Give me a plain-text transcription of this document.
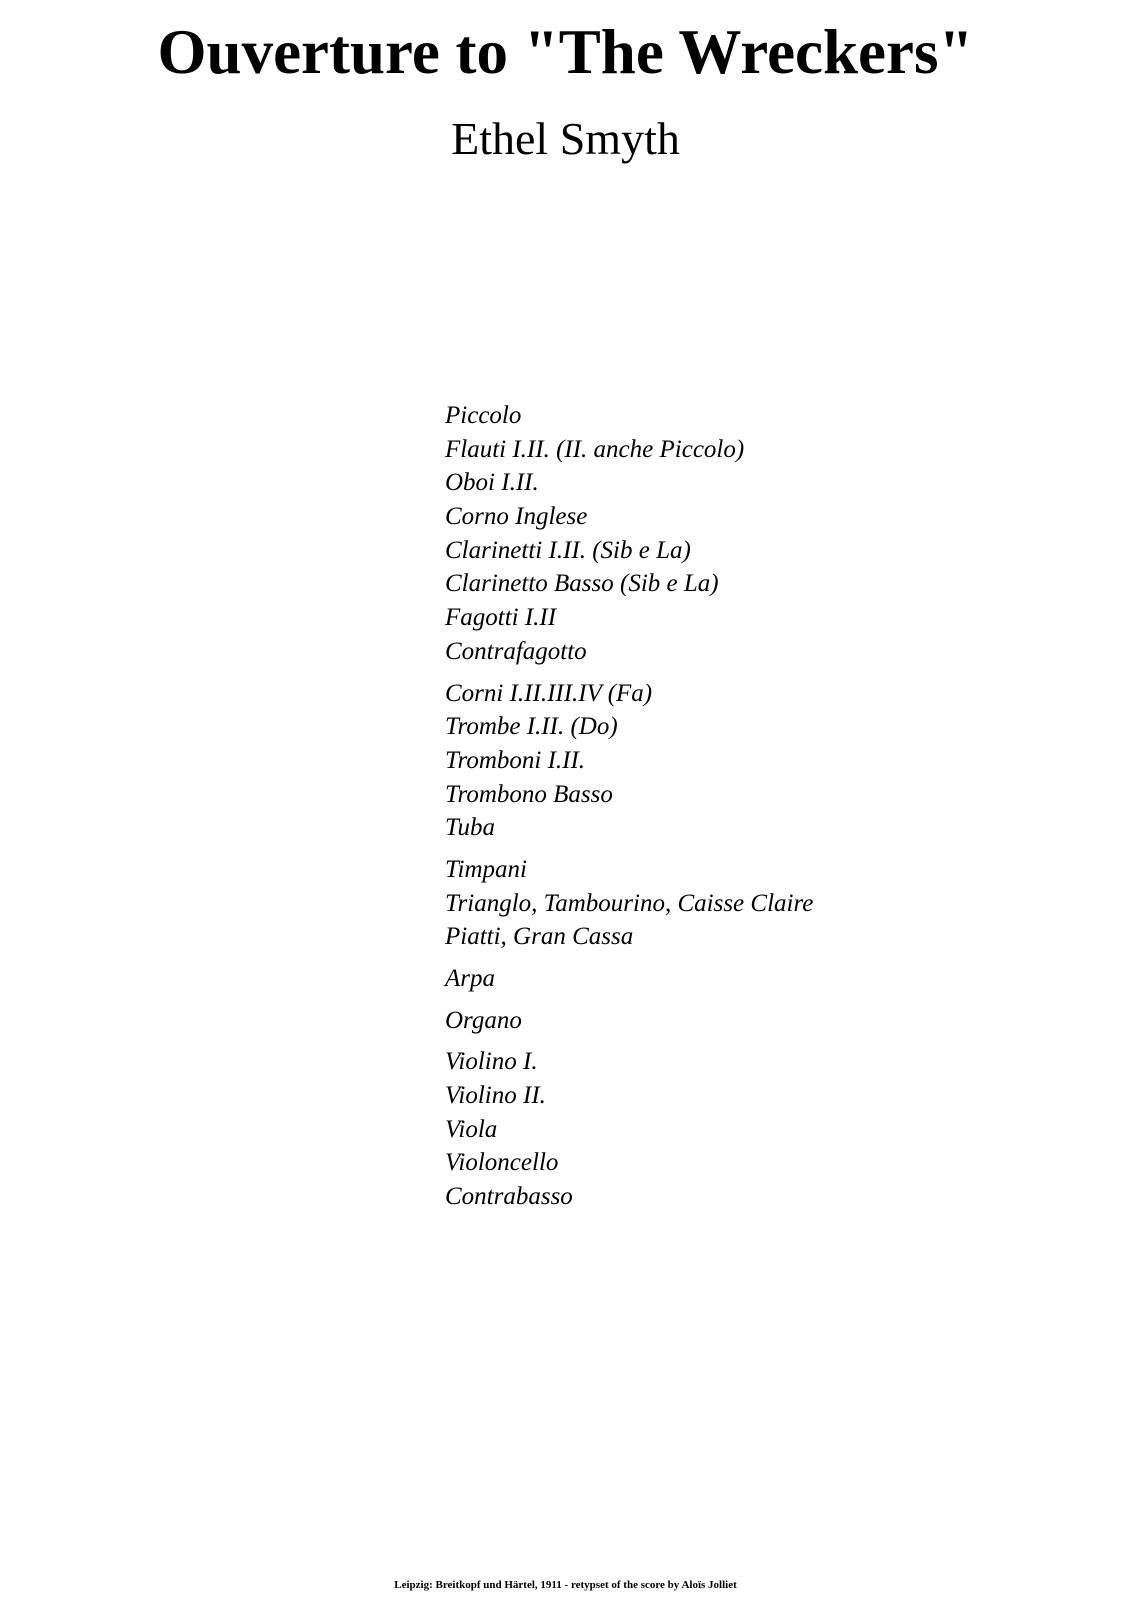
Ouverture to "The Wreckers"
Ethel Smyth
Piccolo
Flauti I.II. (II. anche Piccolo)
Oboi I.II.
Corno Inglese
Clarinetti I.II. (Sib e La)
Clarinetto Basso (Sib e La)
Fagotti I.II
Contrafagotto
Corni I.II.III.IV (Fa)
Trombe I.II. (Do)
Tromboni I.II.
Trombono Basso
Tuba
Timpani
Trianglo, Tambourino, Caisse Claire
Piatti, Gran Cassa
Arpa
Organo
Violino I.
Violino II.
Viola
Violoncello
Contrabasso
Leipzig: Breitkopf und Härtel, 1911 - retypset of the score by Aloïs Jolliet
